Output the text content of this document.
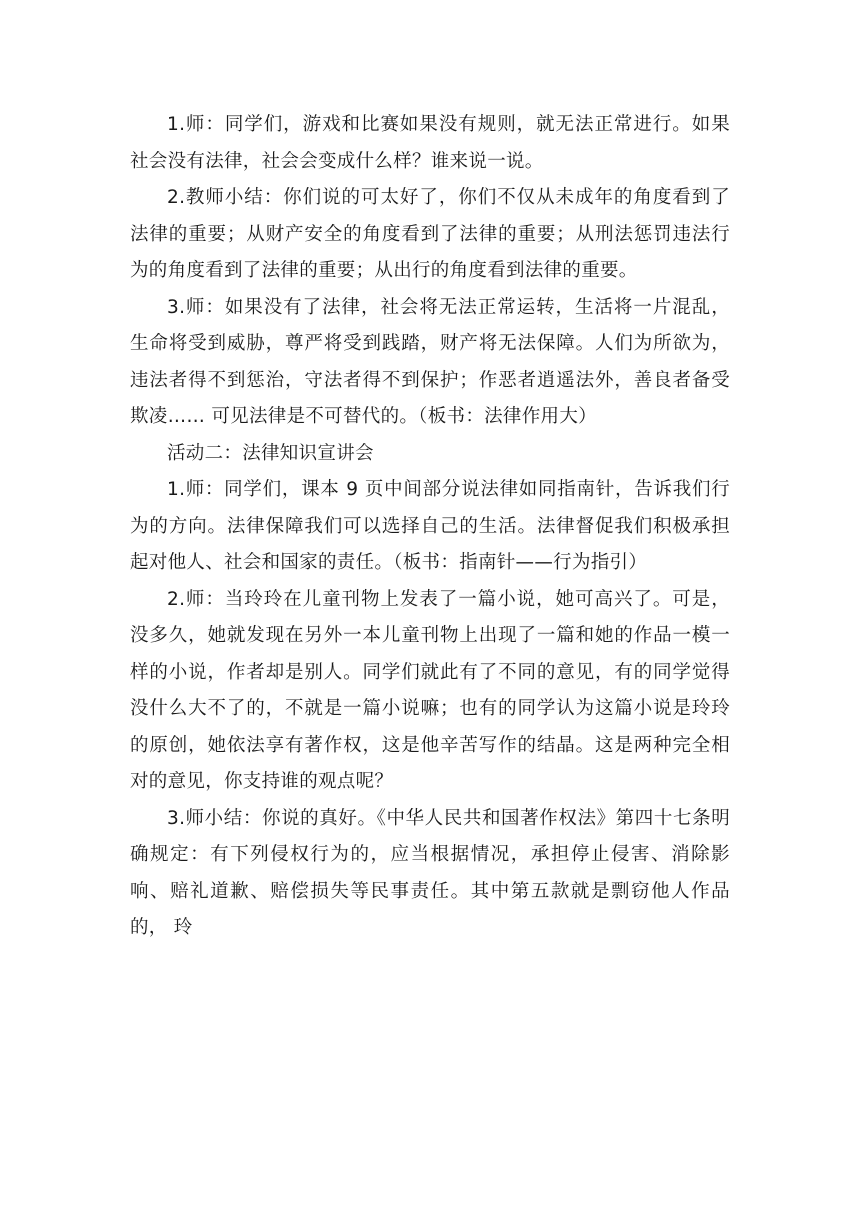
1.师：同学们，游戏和比赛如果没有规则，就无法正常进行。如果社会没有法律，社会会变成什么样？谁来说一说。

2.教师小结：你们说的可太好了，你们不仅从未成年的角度看到了法律的重要；从财产安全的角度看到了法律的重要；从刑法惩罚违法行为的角度看到了法律的重要；从出行的角度看到法律的重要。

3.师：如果没有了法律，社会将无法正常运转，生活将一片混乱，生命将受到威胁，尊严将受到践踏，财产将无法保障。人们为所欲为，违法者得不到惩治，守法者得不到保护；作恶者逍遥法外，善良者备受欺凌…… 可见法律是不可替代的。（板书：法律作用大）

活动二：法律知识宣讲会

1.师：同学们，课本 9 页中间部分说法律如同指南针，告诉我们行为的方向。法律保障我们可以选择自己的生活。法律督促我们积极承担起对他人、社会和国家的责任。（板书：指南针——行为指引）

2.师：当玲玲在儿童刊物上发表了一篇小说，她可高兴了。可是，没多久，她就发现在另外一本儿童刊物上出现了一篇和她的作品一模一样的小说，作者却是别人。同学们就此有了不同的意见，有的同学觉得没什么大不了的，不就是一篇小说嘛；也有的同学认为这篇小说是玲玲的原创，她依法享有著作权，这是他辛苦写作的结晶。这是两种完全相对的意见，你支持谁的观点呢？

3.师小结：你说的真好。《中华人民共和国著作权法》第四十七条明确规定：有下列侵权行为的，应当根据情况，承担停止侵害、消除影响、赔礼道歉、赔偿损失等民事责任。其中第五款就是剽窃他人作品的， 玲
